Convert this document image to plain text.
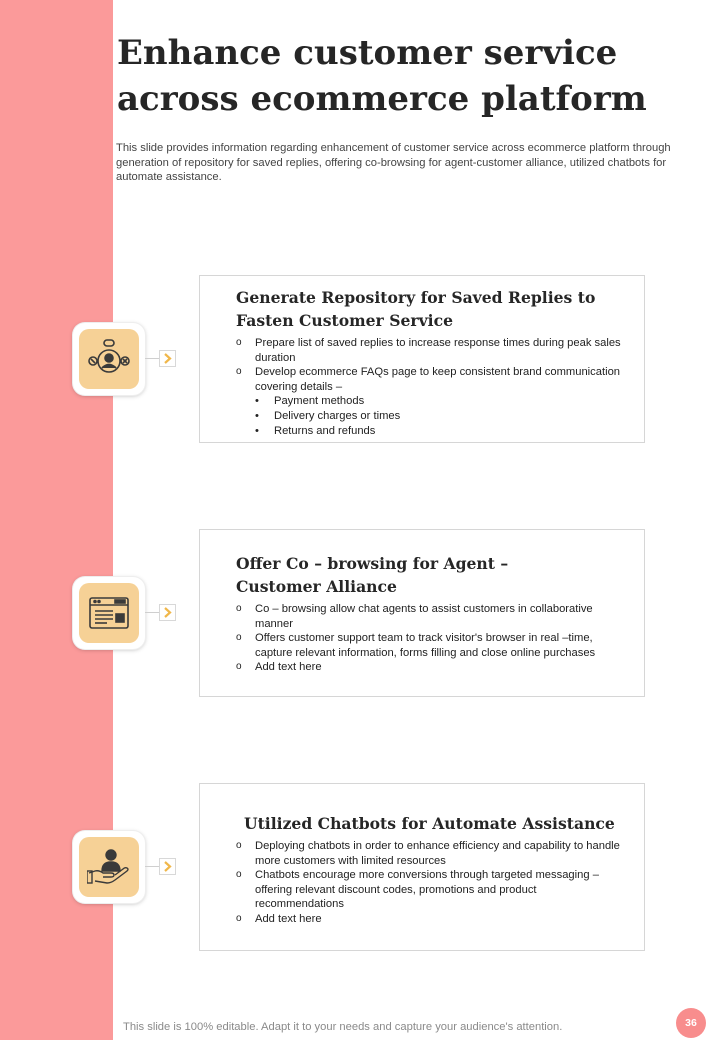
Enhance customer service across ecommerce platform

This slide provides information regarding enhancement of customer service across ecommerce platform through generation of repository for saved replies, offering co-browsing for agent-customer alliance, utilized chatbots for automate assistance.

Generate Repository for Saved Replies to Fasten Customer Service
o Prepare list of saved replies to increase response times during peak sales duration
o Develop ecommerce FAQs page to keep consistent brand communication covering details –
• Payment methods
• Delivery charges or times
• Returns and refunds
Offer Co – browsing for Agent – Customer Alliance
o Co – browsing allow chat agents to assist customers in collaborative manner
o Offers customer support team to track visitor's browser in real –time, capture relevant information, forms filling and close online purchases
o Add text here
Utilized Chatbots for Automate Assistance
o Deploying chatbots in order to enhance efficiency and capability to handle more customers with limited resources
o Chatbots encourage more conversions through targeted messaging – offering relevant discount codes, promotions and product recommendations
o Add text here

This slide is 100% editable. Adapt it to your needs and capture your audience's attention.	36
